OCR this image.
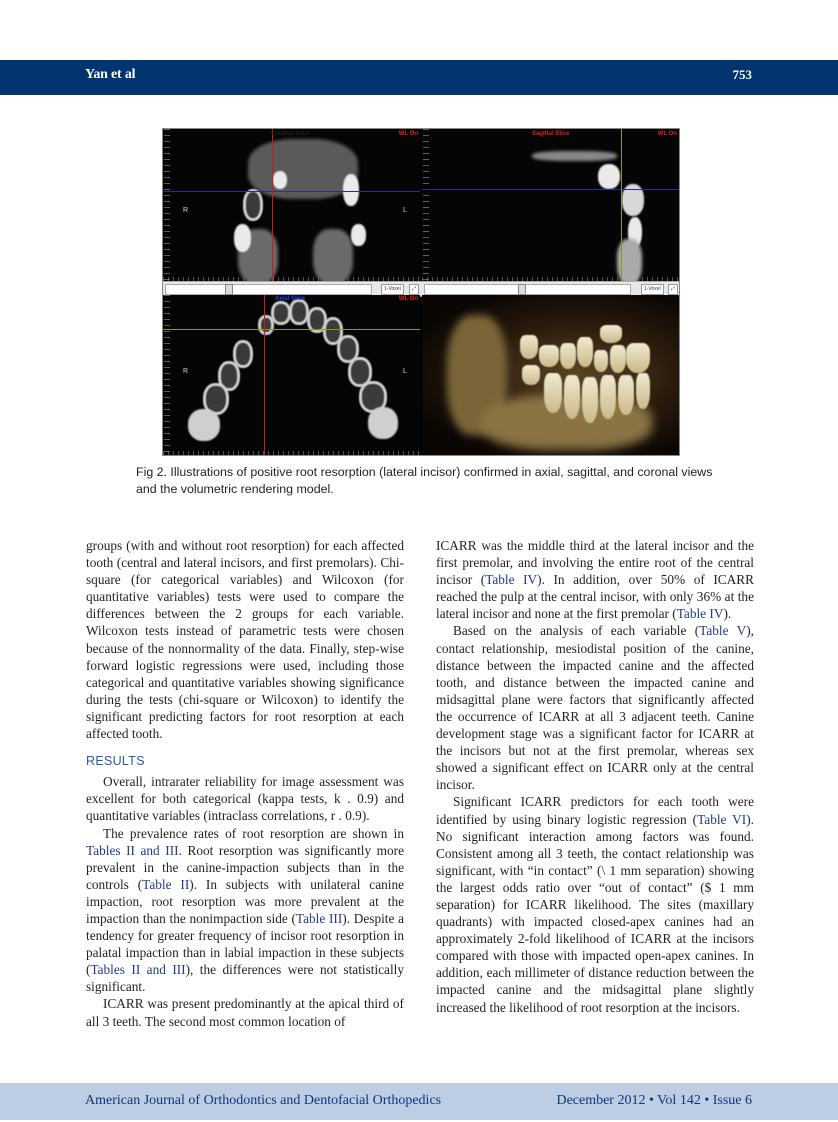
Yan et al	753
Coronal Slice	WL On
R	L
Sagittal Slice	WL On
1-Voxel	⤢	1-Voxel	⤢
Axial Slice	WL On
R	L
Fig 2. Illustrations of positive root resorption (lateral incisor) confirmed in axial, sagittal, and coronal views and the volumetric rendering model.

groups (with and without root resorption) for each affected tooth (central and lateral incisors, and first premolars). Chi-square (for categorical variables) and Wilcoxon (for quantitative variables) tests were used to compare the differences between the 2 groups for each variable. Wilcoxon tests instead of parametric tests were chosen because of the nonnormality of the data. Finally, step-wise forward logistic regressions were used, including those categorical and quantitative variables showing significance during the tests (chi-square or Wilcoxon) to identify the significant predicting factors for root resorption at each affected tooth.

RESULTS

Overall, intrarater reliability for image assessment was excellent for both categorical (kappa tests, k . 0.9) and quantitative variables (intraclass correlations, r . 0.9).

The prevalence rates of root resorption are shown in Tables II and III. Root resorption was significantly more prevalent in the canine-impaction subjects than in the controls (Table II). In subjects with unilateral canine impaction, root resorption was more prevalent at the impaction than the nonimpaction side (Table III). Despite a tendency for greater frequency of incisor root resorption in palatal impaction than in labial impaction in these subjects (Tables II and III), the differences were not statistically significant.

ICARR was present predominantly at the apical third of all 3 teeth. The second most common location of

ICARR was the middle third at the lateral incisor and the first premolar, and involving the entire root of the central incisor (Table IV). In addition, over 50% of ICARR reached the pulp at the central incisor, with only 36% at the lateral incisor and none at the first premolar (Table IV).

Based on the analysis of each variable (Table V), contact relationship, mesiodistal position of the canine, distance between the impacted canine and the affected tooth, and distance between the impacted canine and midsagittal plane were factors that significantly affected the occurrence of ICARR at all 3 adjacent teeth. Canine development stage was a significant factor for ICARR at the incisors but not at the first premolar, whereas sex showed a significant effect on ICARR only at the central incisor.

Significant ICARR predictors for each tooth were identified by using binary logistic regression (Table VI). No significant interaction among factors was found. Consistent among all 3 teeth, the contact relationship was significant, with “in contact” (\ 1 mm separation) showing the largest odds ratio over “out of contact” ($ 1 mm separation) for ICARR likelihood. The sites (maxillary quadrants) with impacted closed-apex canines had an approximately 2-fold likelihood of ICARR at the incisors compared with those with impacted open-apex canines. In addition, each millimeter of distance reduction between the impacted canine and the midsagittal plane slightly increased the likelihood of root resorption at the incisors.

American Journal of Orthodontics and Dentofacial Orthopedics	December 2012 • Vol 142 • Issue 6
